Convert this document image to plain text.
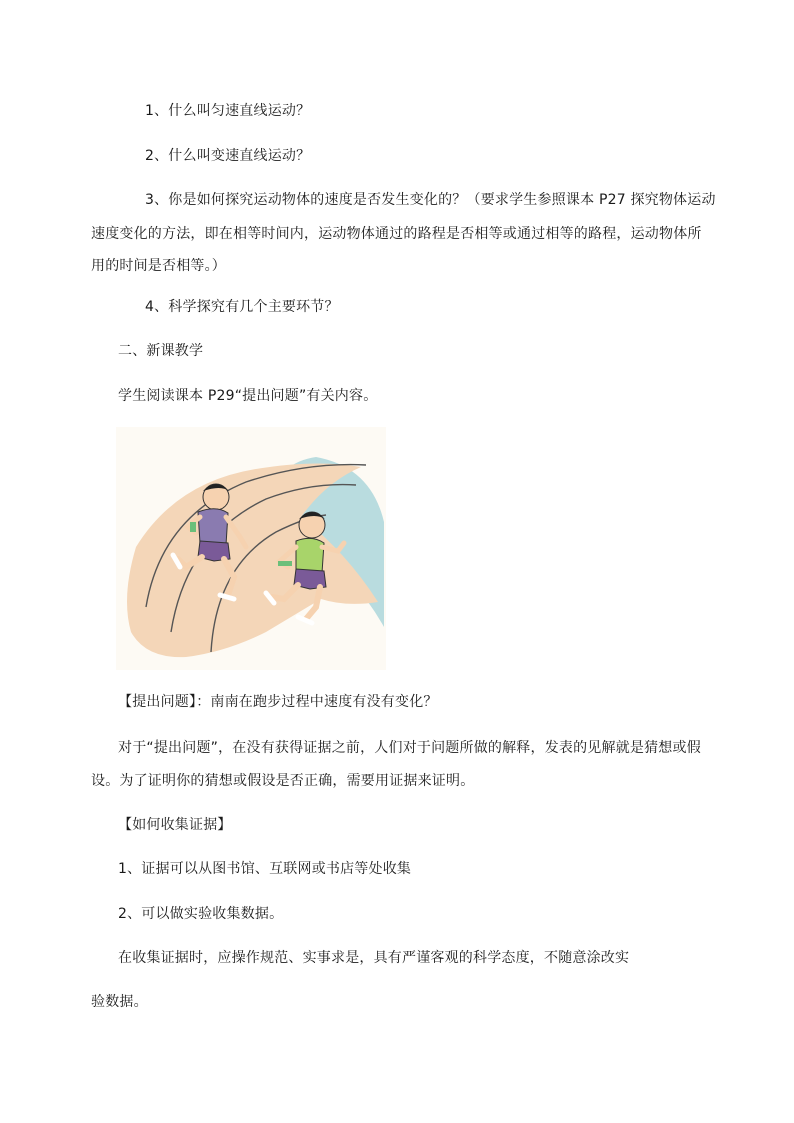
1、什么叫匀速直线运动？
2、什么叫变速直线运动？
3、你是如何探究运动物体的速度是否发生变化的？（要求学生参照课本 P27 探究物体运动
速度变化的方法，即在相等时间内，运动物体通过的路程是否相等或通过相等的路程，运动物体所
用的时间是否相等。）
4、科学探究有几个主要环节？
二、新课教学
学生阅读课本 P29“提出问题”有关内容。
【提出问题】：南南在跑步过程中速度有没有变化？
对于“提出问题”，在没有获得证据之前，人们对于问题所做的解释，发表的见解就是猜想或假
设。为了证明你的猜想或假设是否正确，需要用证据来证明。
【如何收集证据】
1、证据可以从图书馆、互联网或书店等处收集
2、可以做实验收集数据。
在收集证据时，应操作规范、实事求是，具有严谨客观的科学态度，不随意涂改实
验数据。
